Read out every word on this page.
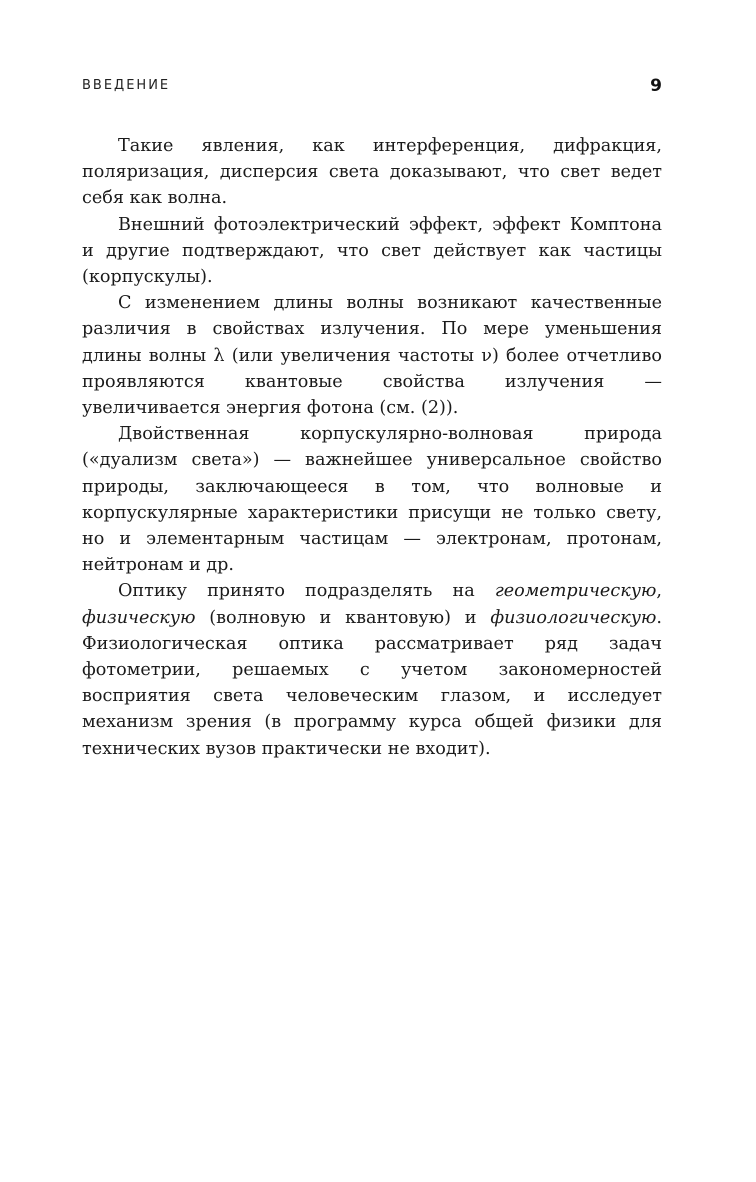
ВВЕДЕНИЕ	9

Такие явления, как интерференция, дифракция, поляризация, дисперсия света доказывают, что свет ведет себя как волна.

Внешний фотоэлектрический эффект, эффект Комптона и другие подтверждают, что свет действует как частицы (корпускулы).

С изменением длины волны возникают качественные различия в свойствах излучения. По мере уменьшения длины волны λ (или увеличения частоты ν) более отчетливо проявляются квантовые свойства излучения — увеличивается энергия фотона (см. (2)).

Двойственная корпускулярно-волновая природа («дуализм света») — важнейшее универсальное свойство природы, заключающееся в том, что волновые и корпускулярные характеристики присущи не только свету, но и элементарным частицам — электронам, протонам, нейтронам и др.

Оптику принято подразделять на геометрическую, физическую (волновую и квантовую) и физиологическую. Физиологическая оптика рассматривает ряд задач фотометрии, решаемых с учетом закономерностей восприятия света человеческим глазом, и исследует механизм зрения (в программу курса общей физики для технических вузов практически не входит).
